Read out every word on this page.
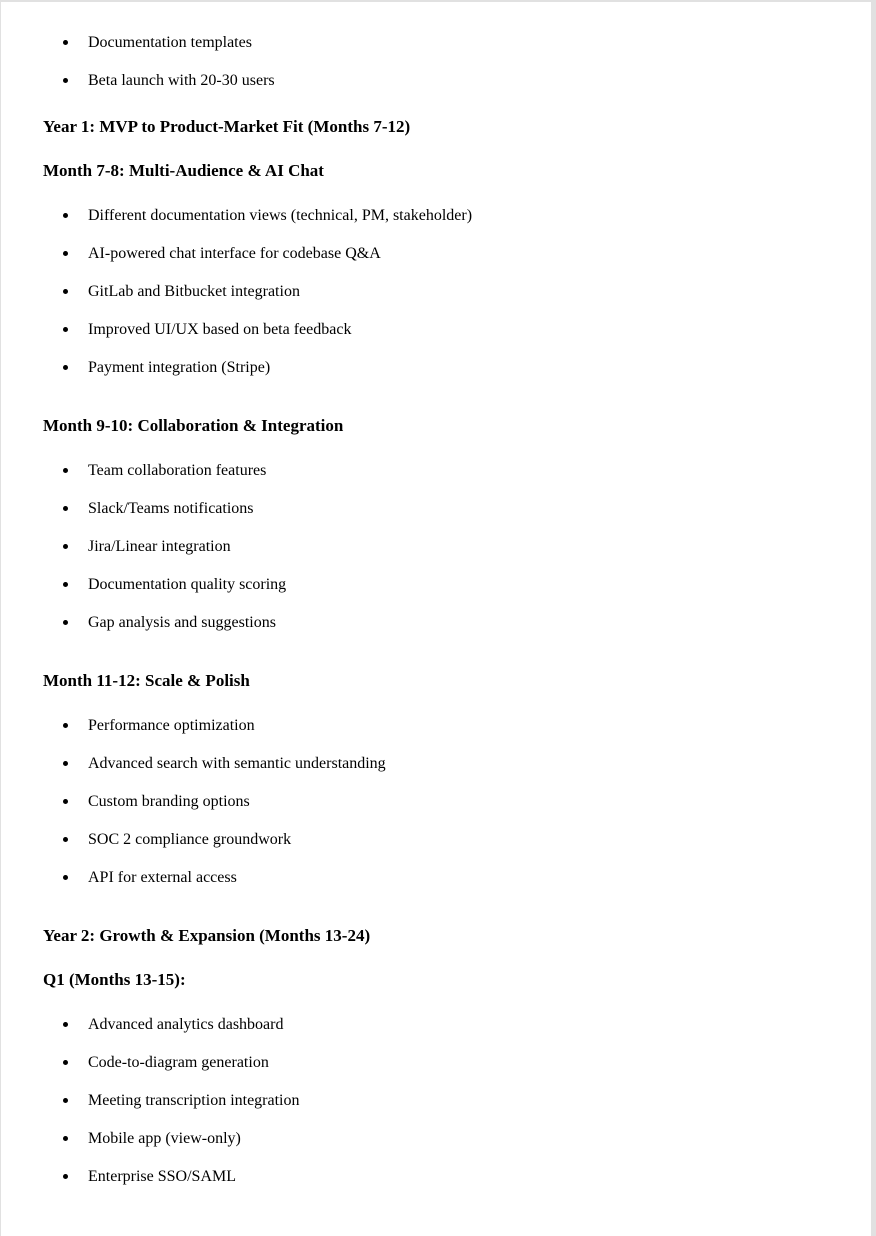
Documentation templates
Beta launch with 20-30 users
Year 1: MVP to Product-Market Fit (Months 7-12)
Month 7-8: Multi-Audience & AI Chat
Different documentation views (technical, PM, stakeholder)
AI-powered chat interface for codebase Q&A
GitLab and Bitbucket integration
Improved UI/UX based on beta feedback
Payment integration (Stripe)
Month 9-10: Collaboration & Integration
Team collaboration features
Slack/Teams notifications
Jira/Linear integration
Documentation quality scoring
Gap analysis and suggestions
Month 11-12: Scale & Polish
Performance optimization
Advanced search with semantic understanding
Custom branding options
SOC 2 compliance groundwork
API for external access
Year 2: Growth & Expansion (Months 13-24)
Q1 (Months 13-15):
Advanced analytics dashboard
Code-to-diagram generation
Meeting transcription integration
Mobile app (view-only)
Enterprise SSO/SAML
